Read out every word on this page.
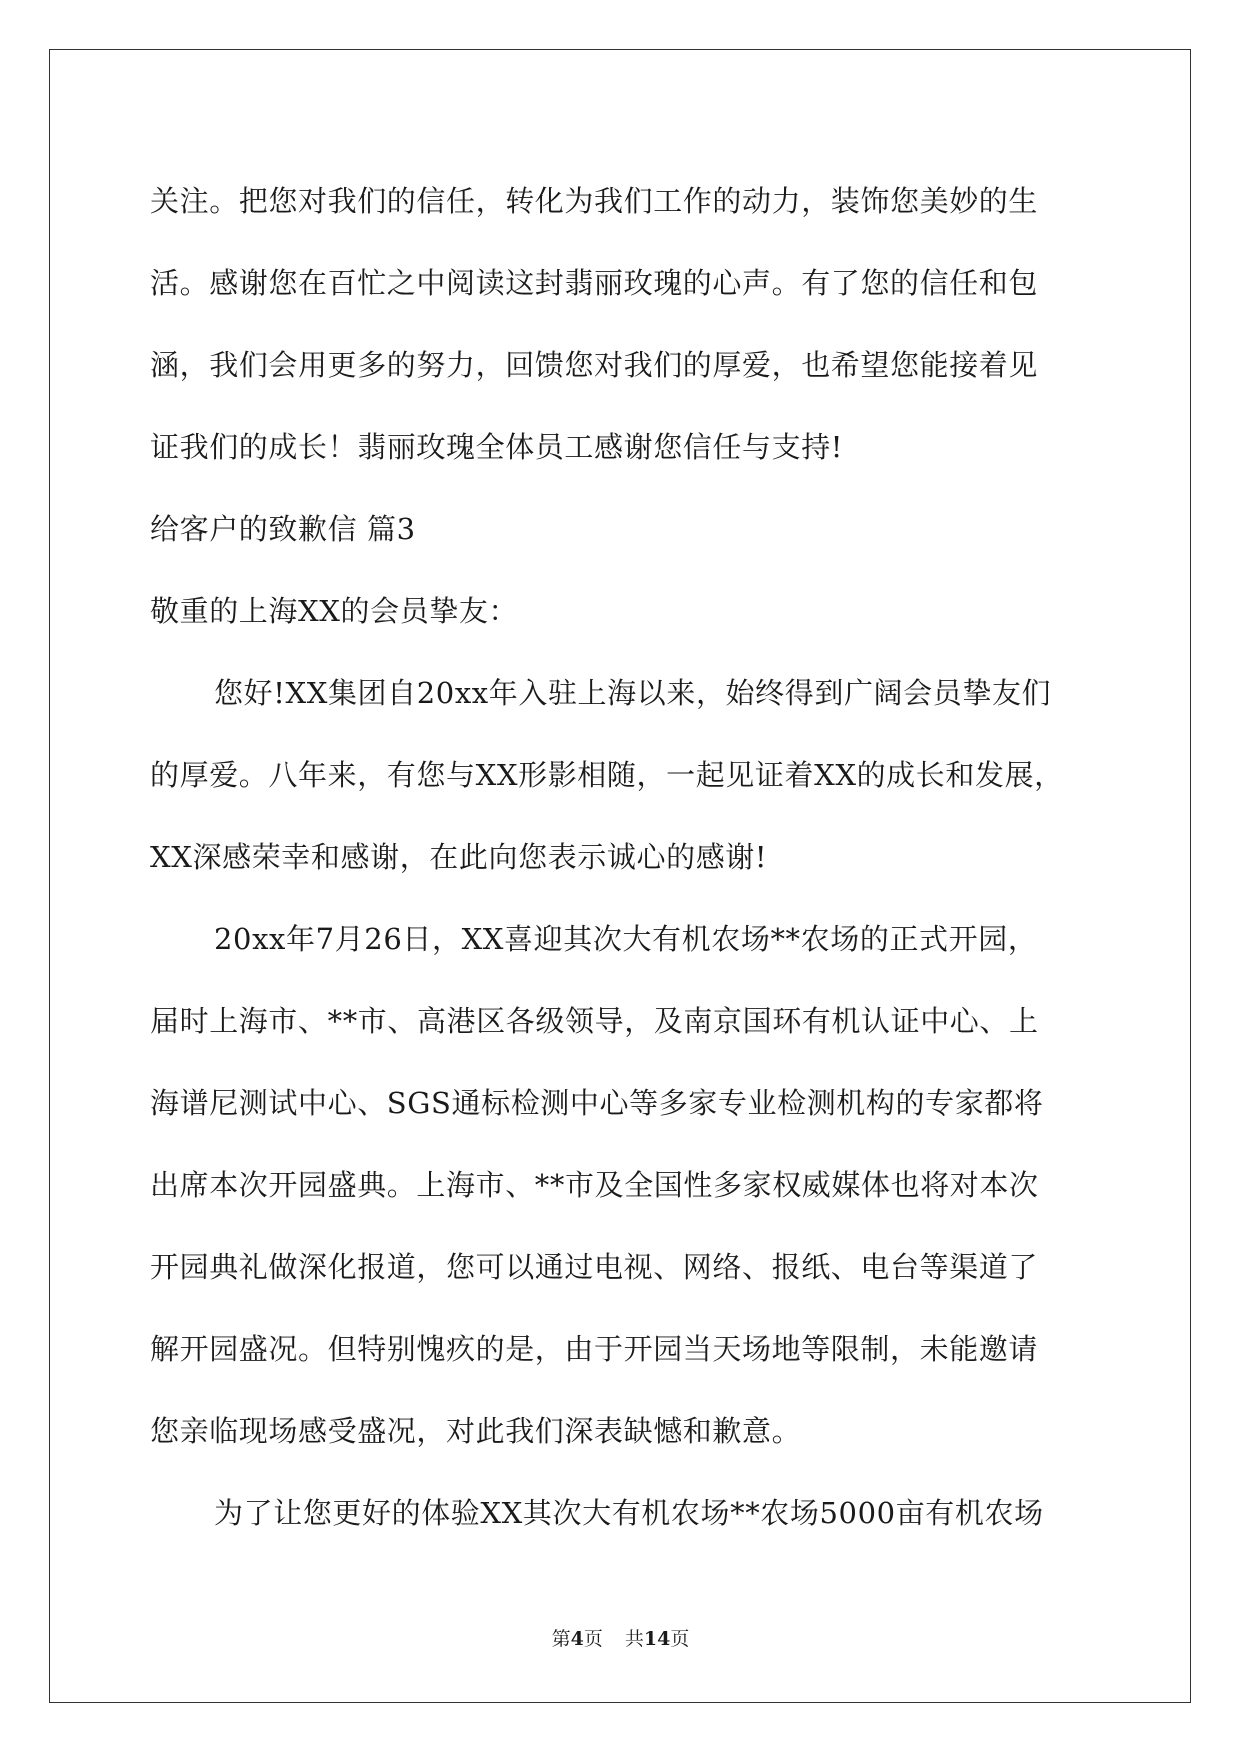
关注。把您对我们的信任，转化为我们工作的动力，装饰您美妙的生
活。感谢您在百忙之中阅读这封翡丽玫瑰的心声。有了您的信任和包
涵，我们会用更多的努力，回馈您对我们的厚爱，也希望您能接着见
证我们的成长！翡丽玫瑰全体员工感谢您信任与支持!
给客户的致歉信 篇3
敬重的上海XX的会员挚友：
您好!XX集团自20xx年入驻上海以来，始终得到广阔会员挚友们
的厚爱。八年来，有您与XX形影相随，一起见证着XX的成长和发展，
XX深感荣幸和感谢，在此向您表示诚心的感谢!
20xx年7月26日，XX喜迎其次大有机农场**农场的正式开园，
届时上海市、**市、高港区各级领导，及南京国环有机认证中心、上
海谱尼测试中心、SGS通标检测中心等多家专业检测机构的专家都将
出席本次开园盛典。上海市、**市及全国性多家权威媒体也将对本次
开园典礼做深化报道，您可以通过电视、网络、报纸、电台等渠道了
解开园盛况。但特别愧疚的是，由于开园当天场地等限制，未能邀请
您亲临现场感受盛况，对此我们深表缺憾和歉意。
为了让您更好的体验XX其次大有机农场**农场5000亩有机农场
第4页 共14页
